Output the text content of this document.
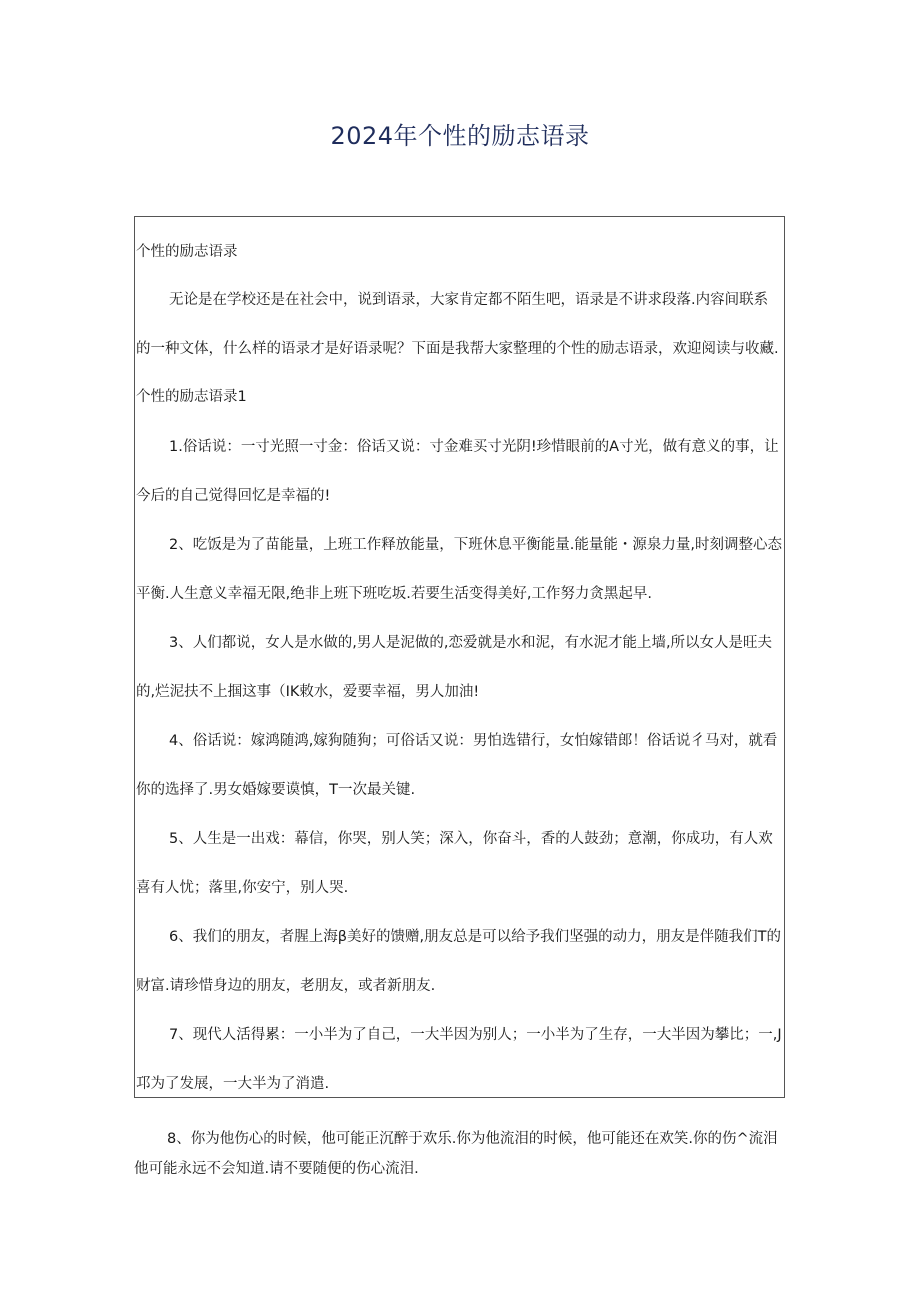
2024年个性的励志语录

个性的励志语录

无论是在学校还是在社会中，说到语录，大家肯定都不陌生吧，语录是不讲求段落.内容间联系的一种文体，什么样的语录才是好语录呢？下面是我帮大家整理的个性的励志语录，欢迎阅读与收藏.

个性的励志语录1

1.俗话说：一寸光照一寸金：俗话又说：寸金难买寸光阴!珍惜眼前的A寸光，做有意义的事，让今后的自己觉得回忆是幸福的!

2、吃饭是为了苗能量，上班工作释放能量，下班休息平衡能量.能量能・源泉力量,时刻调整心态平衡.人生意义幸福无限,绝非上班下班吃坂.若要生活变得美好,工作努力贪黑起早.

3、人们都说，女人是水做的,男人是泥做的,恋爱就是水和泥，有水泥才能上墙,所以女人是旺夫的,烂泥扶不上掴这事（IK敕水，爱要幸福，男人加油!

4、俗话说：嫁鸿随鸿,嫁狗随狗；可俗话又说：男怕选错行，女怕嫁错郎！俗话说彳马对，就看你的选择了.男女婚嫁要谟慎，T一次最关键.

5、人生是一出戏：幕信，你哭，别人笑；深入，你奋斗，香的人鼓劲；意潮，你成功，有人欢喜有人忧；落里,你安宁，别人哭.

6、我们的朋友，者腥上海β美好的馈赠,朋友总是可以给予我们坚强的动力，朋友是伴随我们T的财富.请珍惜身边的朋友，老朋友，或者新朋友.

7、现代人活得累：一小半为了自己，一大半因为别人；一小半为了生存，一大半因为攀比；一,J邛为了发展，一大半为了消遣.

8、你为他伤心的时候，他可能正沉醉于欢乐.你为他流泪的时候，他可能还在欢笑.你的伤^流泪他可能永远不会知道.请不要随便的伤心流泪.
